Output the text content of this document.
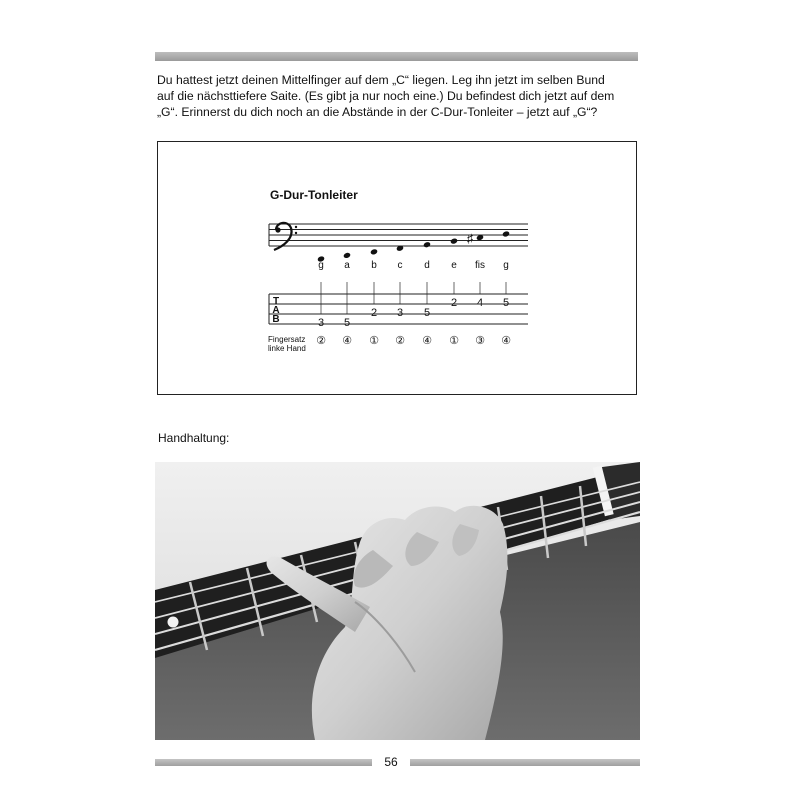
Du hattest jetzt deinen Mittelfinger auf dem „C“ liegen. Leg ihn jetzt im selben Bund
auf die nächsttiefere Saite. (Es gibt ja nur noch eine.) Du befindest dich jetzt auf dem
„G“. Erinnerst du dich noch an die Abstände in der C-Dur-Tonleiter – jetzt auf „G“?

G-Dur-Tonleiter

♯
g a b c d e fis g
3 5
2 3 5
2 4 5
T
A
B
② ④ ① ② ④ ① ③ ④
Fingersatz
linke Hand

Handhaltung:

56
